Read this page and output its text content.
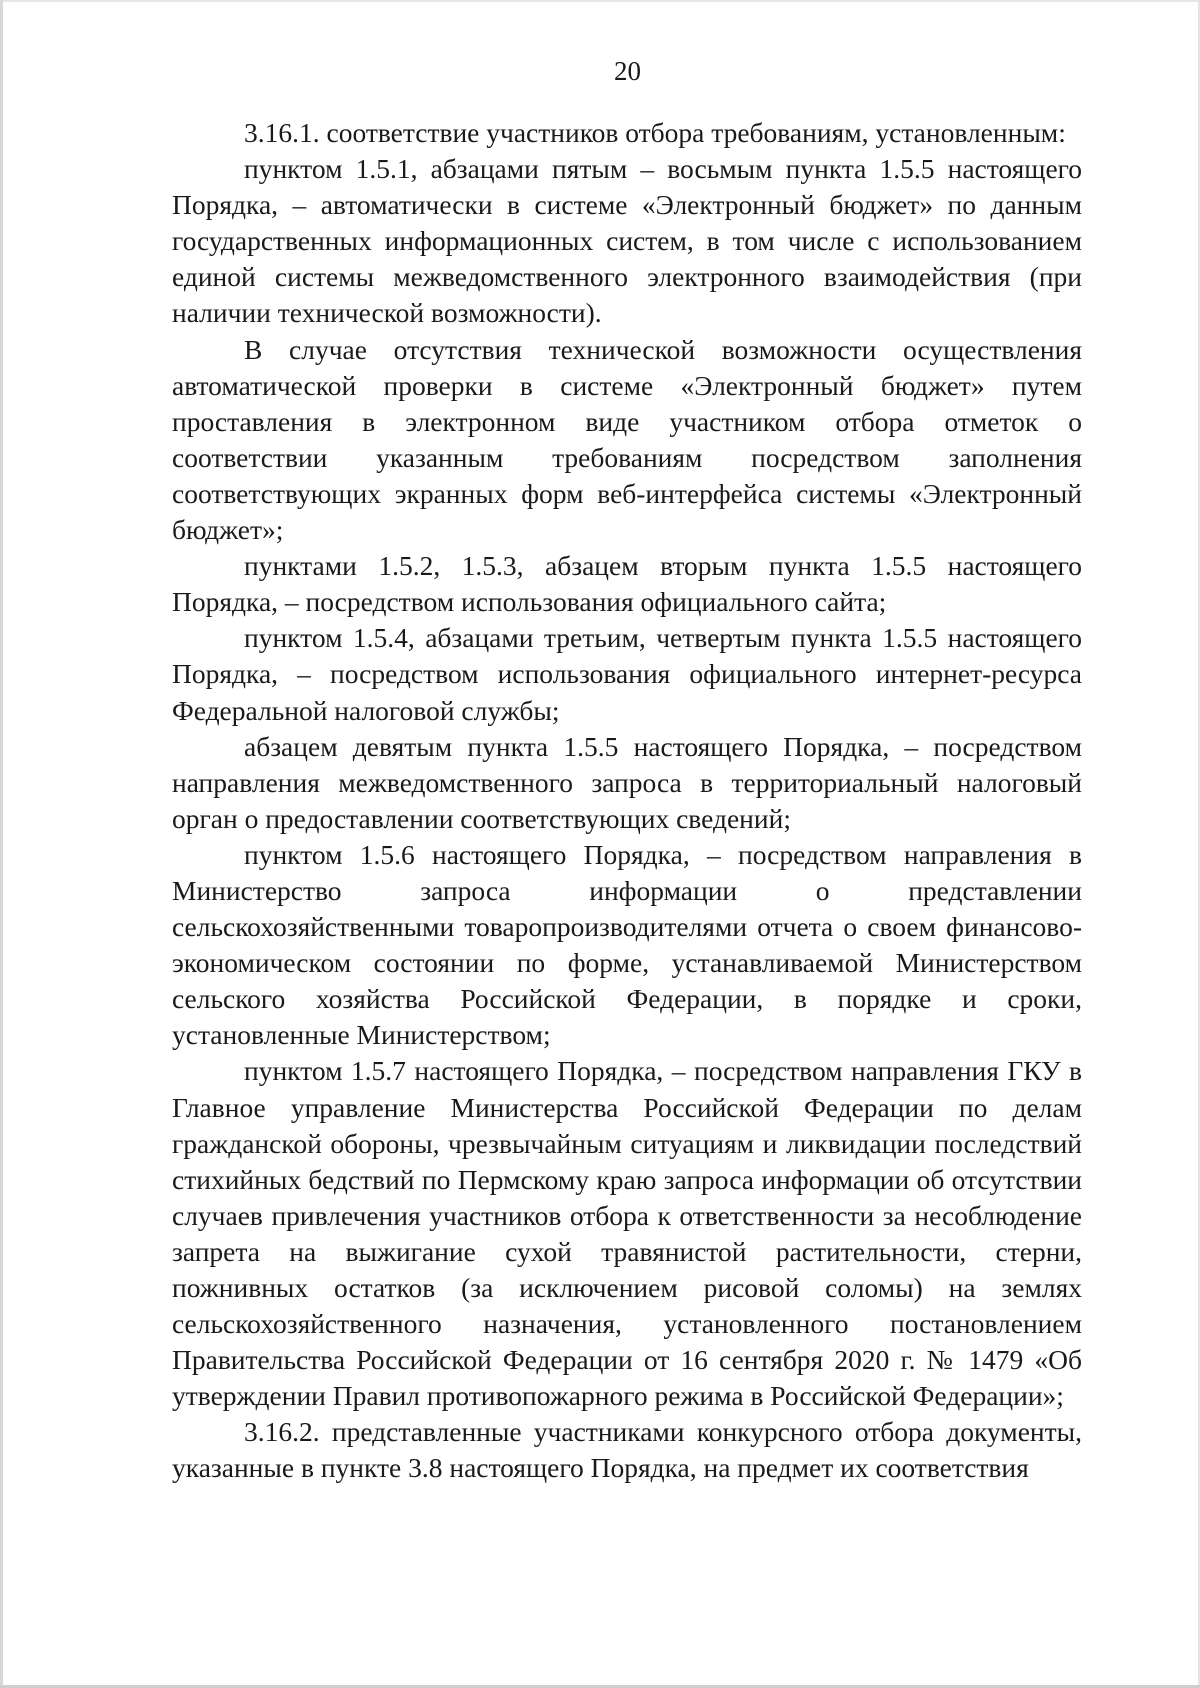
20

3.16.1. соответствие участников отбора требованиям, установленным:

пунктом 1.5.1, абзацами пятым – восьмым пункта 1.5.5 настоящего Порядка, – автоматически в системе «Электронный бюджет» по данным государственных информационных систем, в том числе с использованием единой системы межведомственного электронного взаимодействия (при наличии технической возможности).

В случае отсутствия технической возможности осуществления автоматической проверки в системе «Электронный бюджет» путем проставления в электронном виде участником отбора отметок о соответствии указанным требованиям посредством заполнения соответствующих экранных форм веб-интерфейса системы «Электронный бюджет»;

пунктами 1.5.2, 1.5.3, абзацем вторым пункта 1.5.5 настоящего Порядка, – посредством использования официального сайта;

пунктом 1.5.4, абзацами третьим, четвертым пункта 1.5.5 настоящего Порядка, – посредством использования официального интернет-ресурса Федеральной налоговой службы;

абзацем девятым пункта 1.5.5 настоящего Порядка, – посредством направления межведомственного запроса в территориальный налоговый орган о предоставлении соответствующих сведений;

пунктом 1.5.6 настоящего Порядка, – посредством направления в Министерство запроса информации о представлении сельскохозяйственными товаропроизводителями отчета о своем финансово-экономическом состоянии по форме, устанавливаемой Министерством сельского хозяйства Российской Федерации, в порядке и сроки, установленные Министерством;

пунктом 1.5.7 настоящего Порядка, – посредством направления ГКУ в Главное управление Министерства Российской Федерации по делам гражданской обороны, чрезвычайным ситуациям и ликвидации последствий стихийных бедствий по Пермскому краю запроса информации об отсутствии случаев привлечения участников отбора к ответственности за несоблюдение запрета на выжигание сухой травянистой растительности, стерни, пожнивных остатков (за исключением рисовой соломы) на землях сельскохозяйственного назначения, установленного постановлением Правительства Российской Федерации от 16 сентября 2020 г. № 1479 «Об утверждении Правил противопожарного режима в Российской Федерации»;

3.16.2. представленные участниками конкурсного отбора документы, указанные в пункте 3.8 настоящего Порядка, на предмет их соответствия
